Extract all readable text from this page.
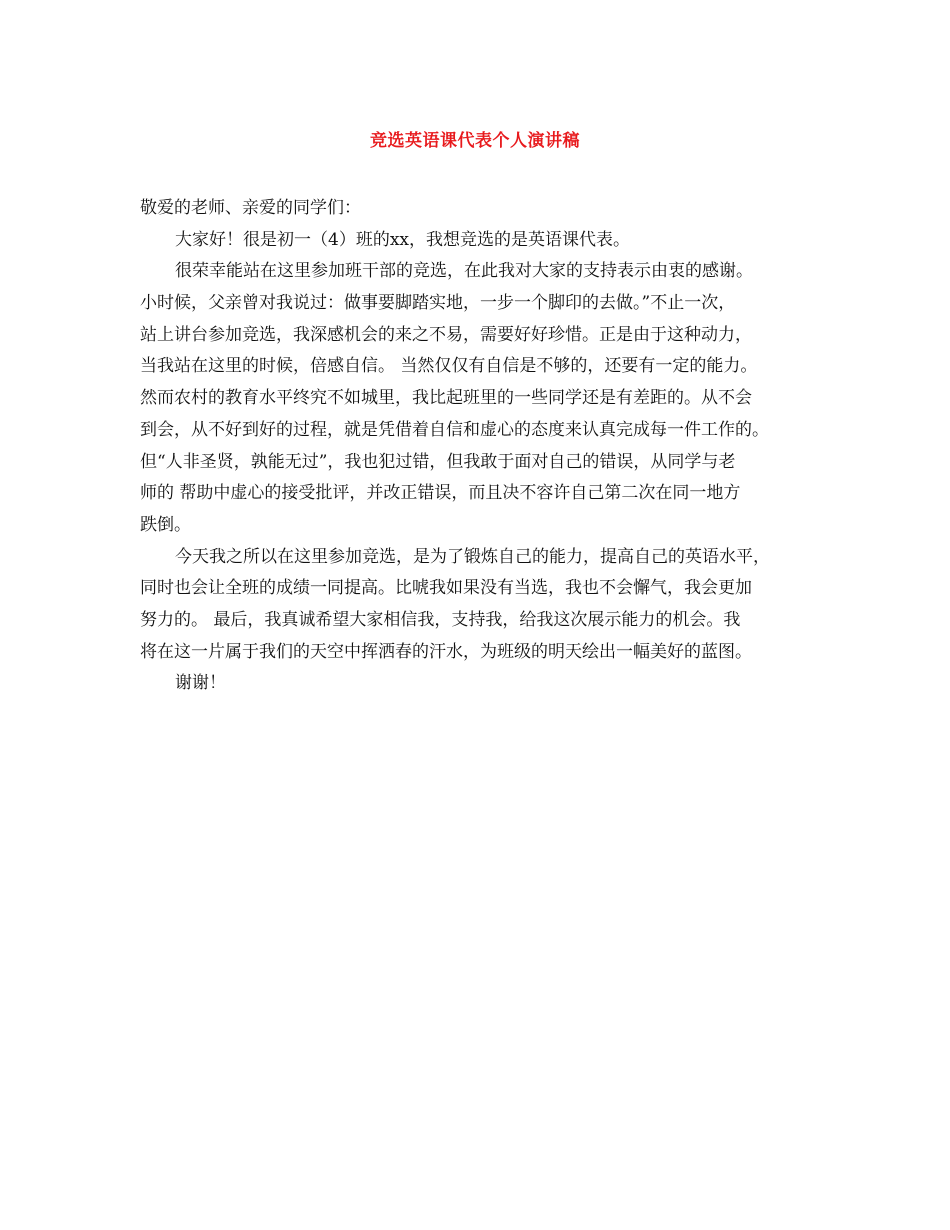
竞选英语课代表个人演讲稿
敬爱的老师、亲爱的同学们：
大家好！很是初一（4）班的xx，我想竞选的是英语课代表。
很荣幸能站在这里参加班干部的竞选，在此我对大家的支持表示由衷的感谢。
小时候，父亲曾对我说过：做事要脚踏实地，一步一个脚印的去做。”不止一次，
站上讲台参加竞选，我深感机会的来之不易，需要好好珍惜。正是由于这种动力，
当我站在这里的时候，倍感自信。 当然仅仅有自信是不够的，还要有一定的能力。
然而农村的教育水平终究不如城里，我比起班里的一些同学还是有差距的。从不会
到会，从不好到好的过程，就是凭借着自信和虚心的态度来认真完成每一件工作的。
但“人非圣贤，孰能无过”，我也犯过错，但我敢于面对自己的错误，从同学与老
师的 帮助中虚心的接受批评，并改正错误，而且决不容许自己第二次在同一地方
跌倒。
今天我之所以在这里参加竞选，是为了锻炼自己的能力，提高自己的英语水平，
同时也会让全班的成绩一同提高。比唬我如果没有当选，我也不会懈气，我会更加
努力的。 最后，我真诚希望大家相信我，支持我，给我这次展示能力的机会。我
将在这一片属于我们的天空中挥洒春的汗水，为班级的明天绘出一幅美好的蓝图。
谢谢！
